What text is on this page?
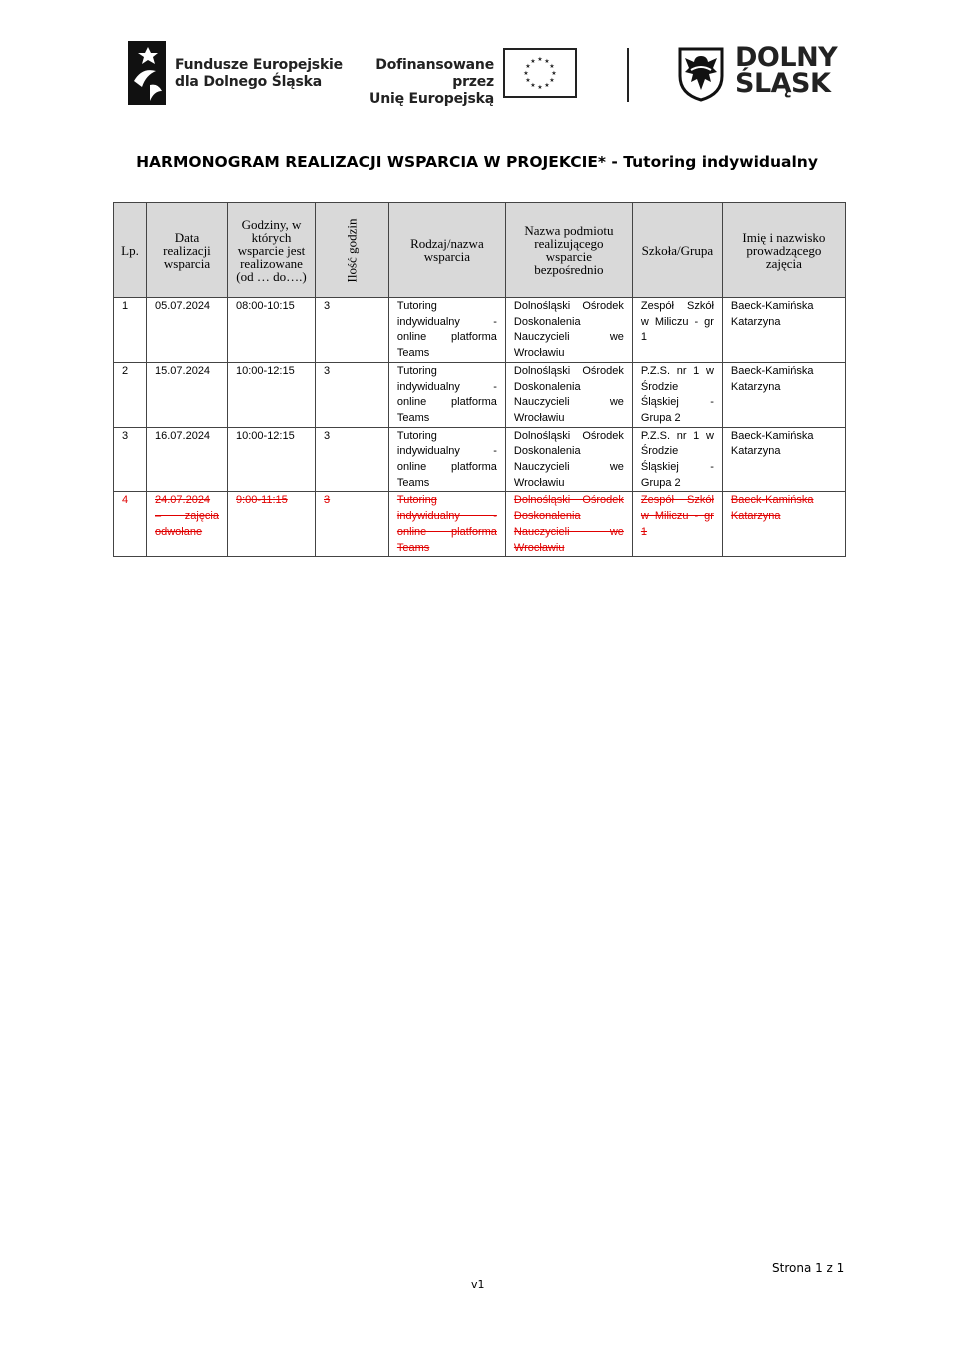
Fundusze Europejskie
dla Dolnego Śląska
Dofinansowane przez
Unię Europejską
★ ★
★
★
★
★
★
★
★
★
★
★	DOLNY
ŚLĄSK
HARMONOGRAM REALIZACJI WSPARCIA W PROJEKCIE* - Tutoring indywidualny
Lp.	Data realizacji wsparcia	Godziny, w których wsparcie jest realizowane (od … do….)	Ilość godzin	Rodzaj/nazwa wsparcia	Nazwa podmiotu realizującego wsparcie bezpośrednio	Szkoła/Grupa	Imię i nazwisko prowadzącego zajęcia
1	05.07.2024	08:00-10:15	3	Tutoring indywidualny - online platforma Teams	Dolnośląski Ośrodek Doskonalenia Nauczycieli we Wrocławiu	Zespół Szkół w Miliczu - gr 1	Baeck-Kamińska Katarzyna
2	15.07.2024	10:00-12:15	3	Tutoring indywidualny - online platforma Teams	Dolnośląski Ośrodek Doskonalenia Nauczycieli we Wrocławiu	P.Z.S. nr 1 w Środzie Śląskiej - Grupa 2	Baeck-Kamińska Katarzyna
3	16.07.2024	10:00-12:15	3	Tutoring indywidualny - online platforma Teams	Dolnośląski Ośrodek Doskonalenia Nauczycieli we Wrocławiu	P.Z.S. nr 1 w Środzie Śląskiej - Grupa 2	Baeck-Kamińska Katarzyna
4	24.07.2024 – zajęcia odwołane	9:00-11:15	3	Tutoring indywidualny - online platforma Teams	Dolnośląski Ośrodek Doskonalenia Nauczycieli we Wrocławiu	Zespół Szkół w Miliczu - gr 1	Baeck-Kamińska Katarzyna
Strona 1 z 1
v1
